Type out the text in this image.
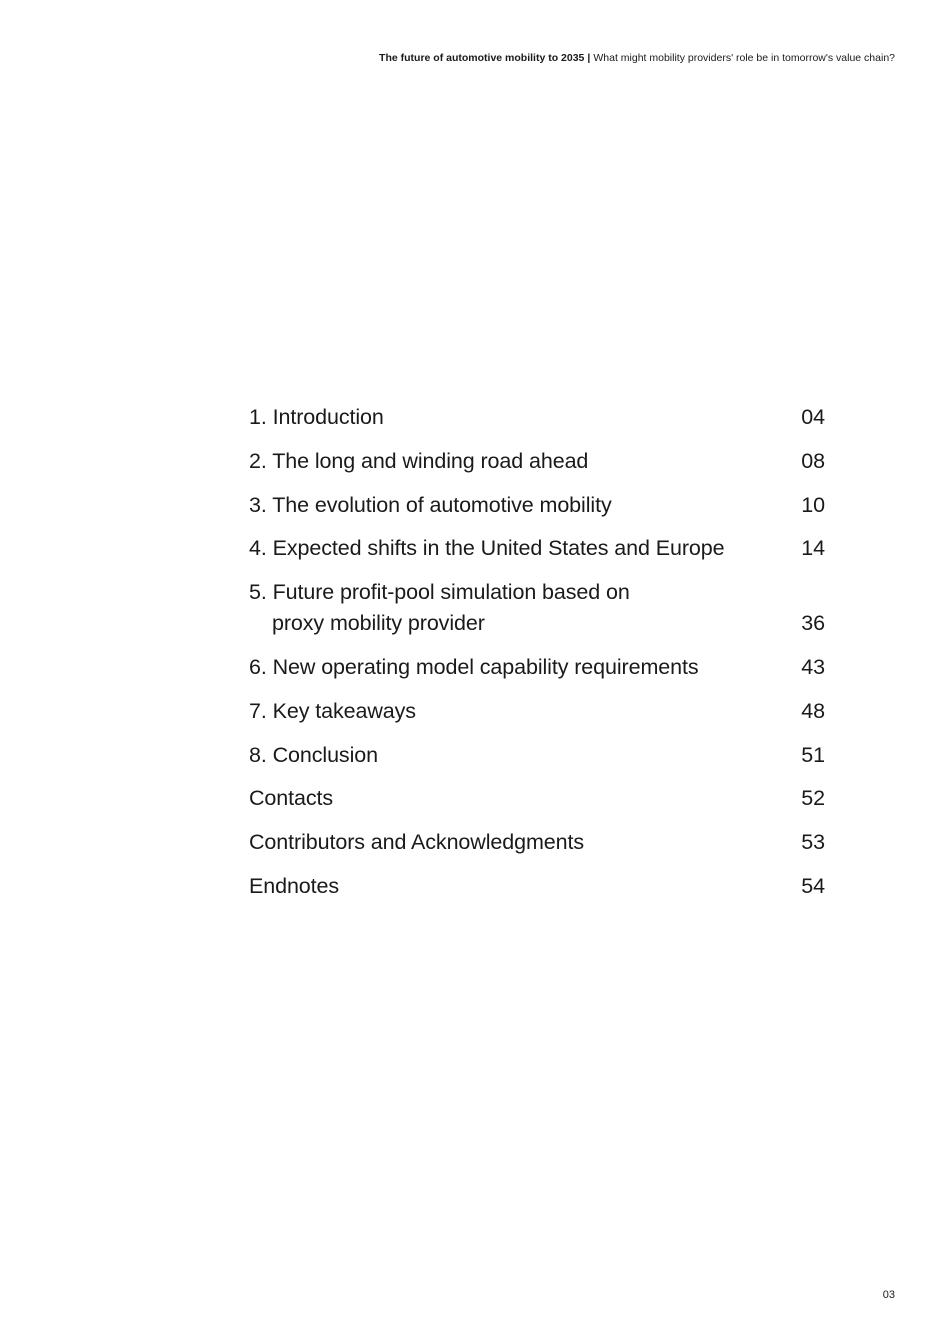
The future of automotive mobility to 2035 | What might mobility providers' role be in tomorrow's value chain?
1. Introduction	04
2. The long and winding road ahead	08
3. The evolution of automotive mobility	10
4. Expected shifts in the United States and Europe	14
5. Future profit-pool simulation based on
proxy mobility provider	36
6. New operating model capability requirements	43
7. Key takeaways	48
8. Conclusion	51
Contacts	52
Contributors and Acknowledgments	53
Endnotes	54
03
